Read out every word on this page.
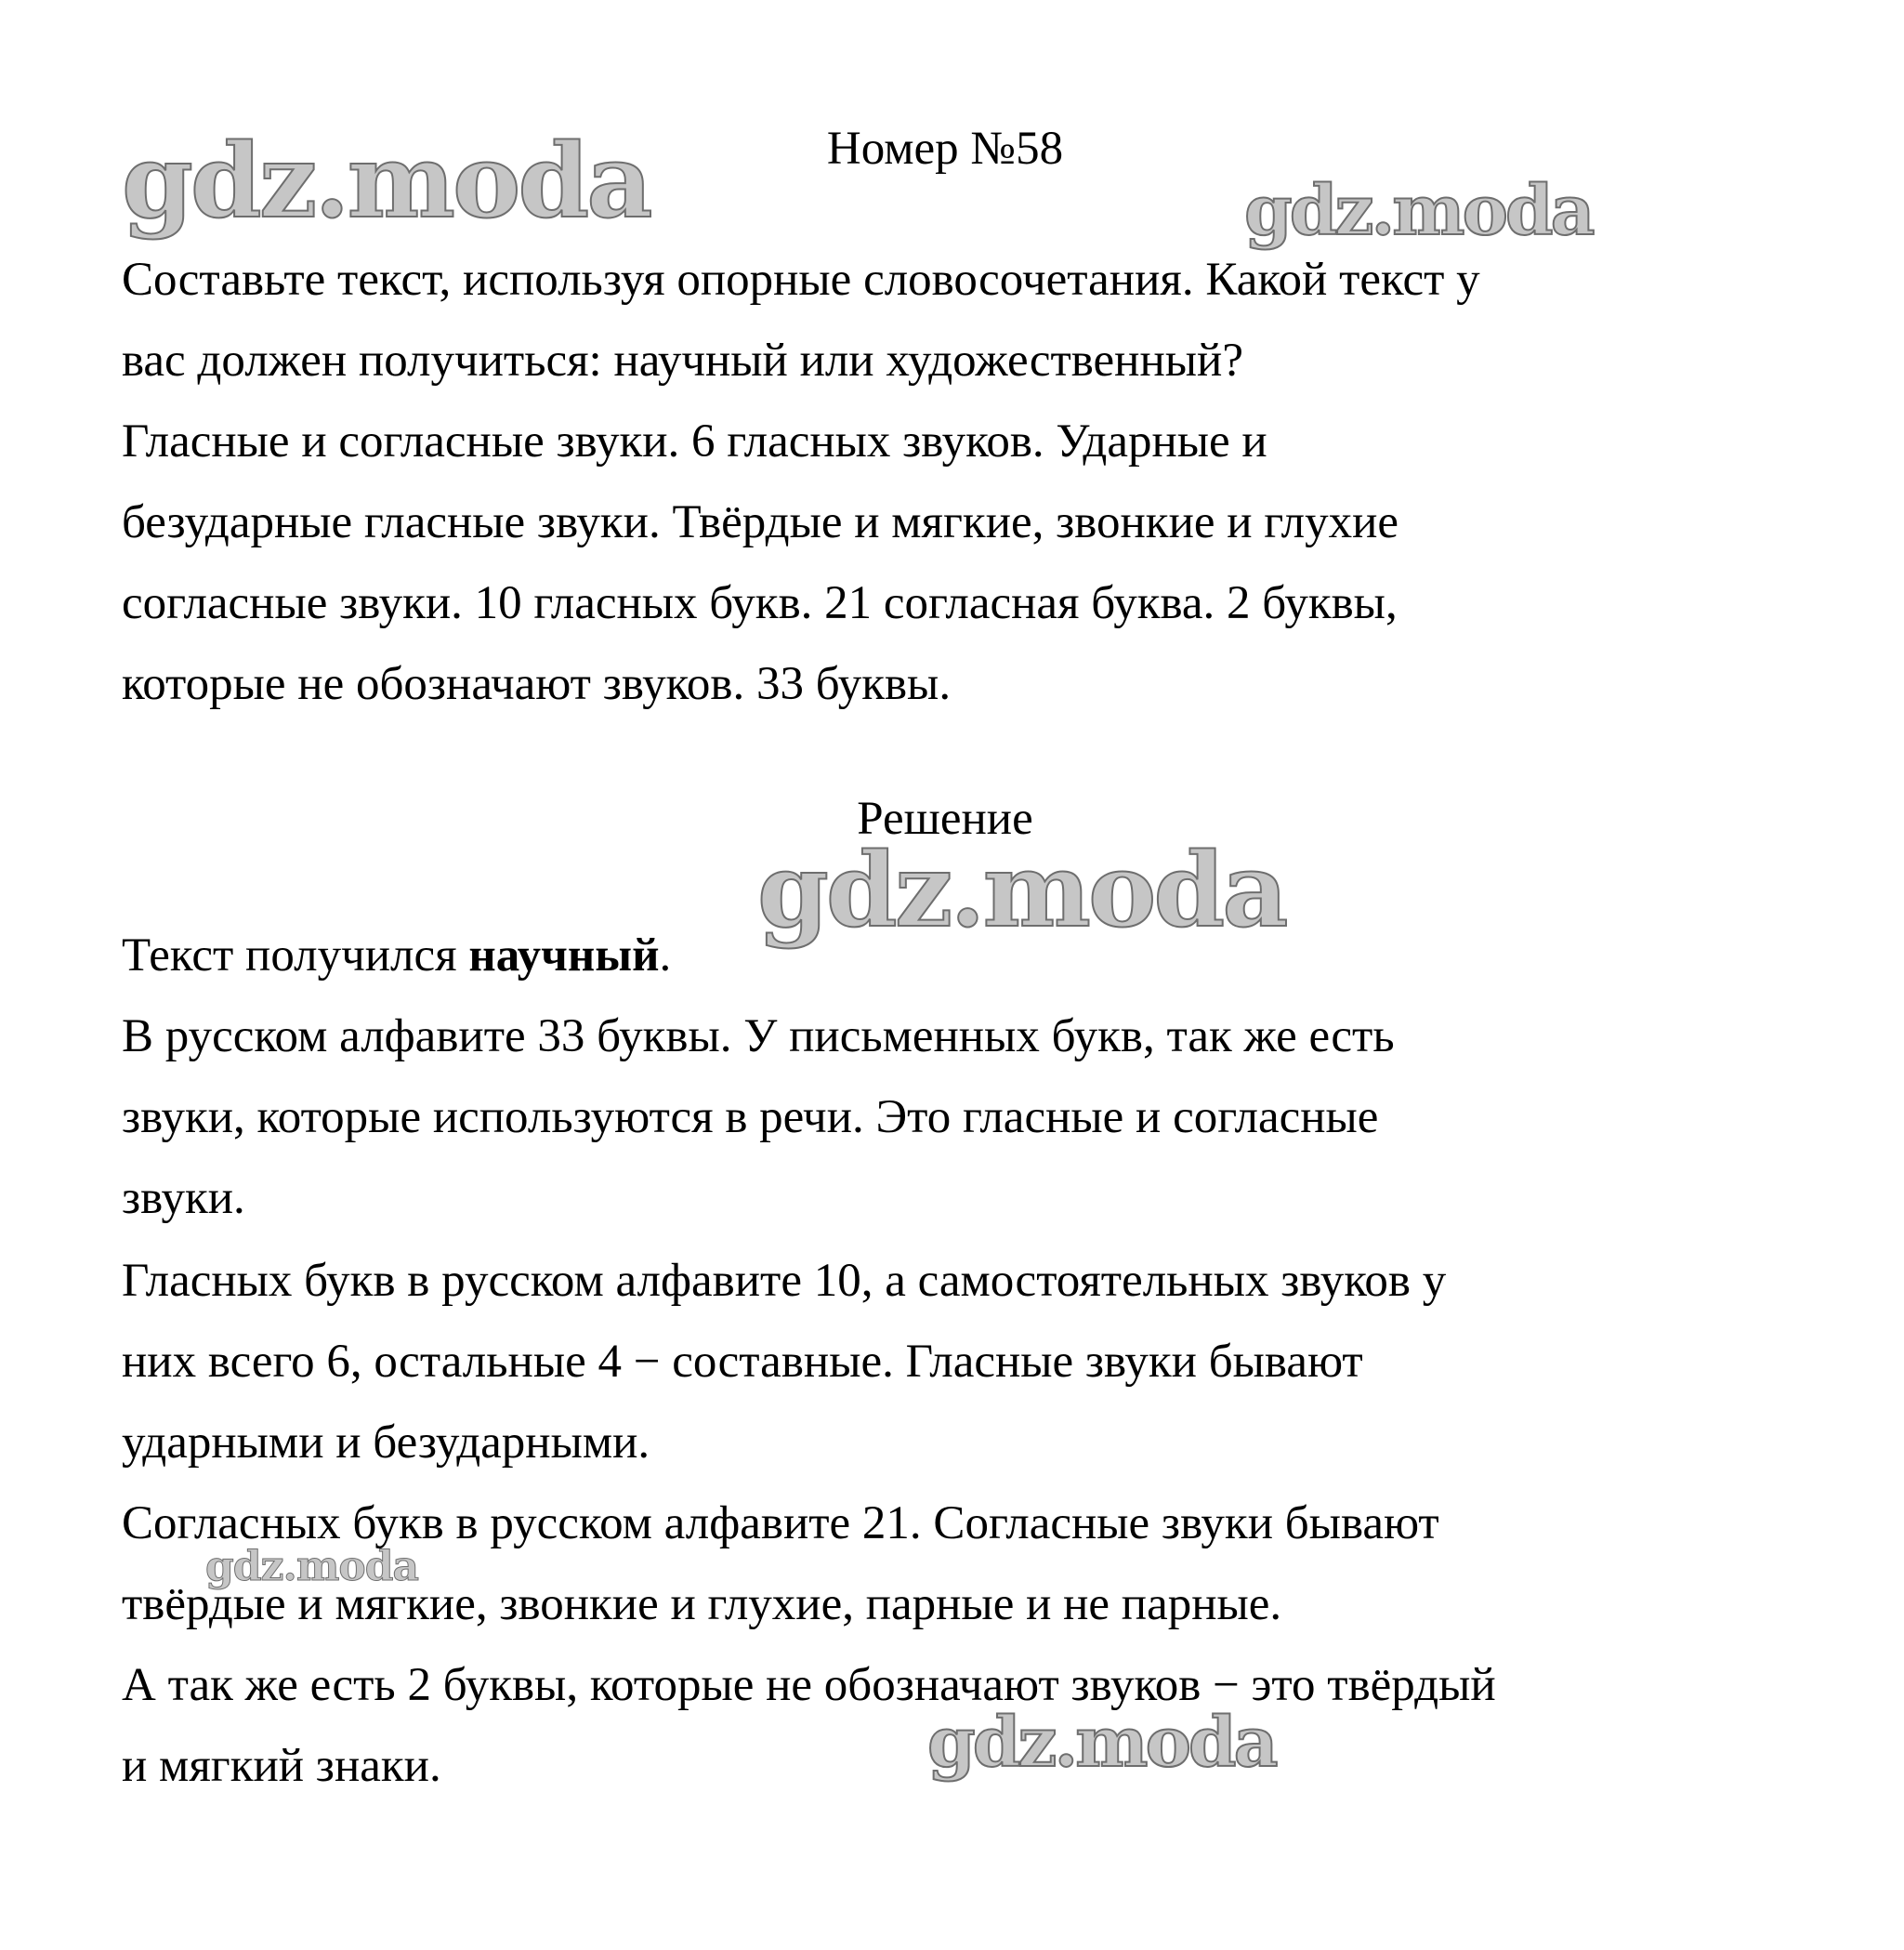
Номер №58
Составьте текст, используя опорные словосочетания. Какой текст у
вас должен получиться: научный или художественный?
Гласные и согласные звуки. 6 гласных звуков. Ударные и
безударные гласные звуки. Твёрдые и мягкие, звонкие и глухие
согласные звуки. 10 гласных букв. 21 согласная буква. 2 буквы,
которые не обозначают звуков. 33 буквы.
Решение
Текст получился научный.
В русском алфавите 33 буквы. У письменных букв, так же есть
звуки, которые используются в речи. Это гласные и согласные
звуки.
Гласных букв в русском алфавите 10, а самостоятельных звуков у
них всего 6, остальные 4 − составные. Гласные звуки бывают
ударными и безударными.
Согласных букв в русском алфавите 21. Согласные звуки бывают
твёрдые и мягкие, звонкие и глухие, парные и не парные.
А так же есть 2 буквы, которые не обозначают звуков − это твёрдый
и мягкий знаки.
gdz.moda	gdz.moda
gdz.moda
gdz.moda
gdz.moda
